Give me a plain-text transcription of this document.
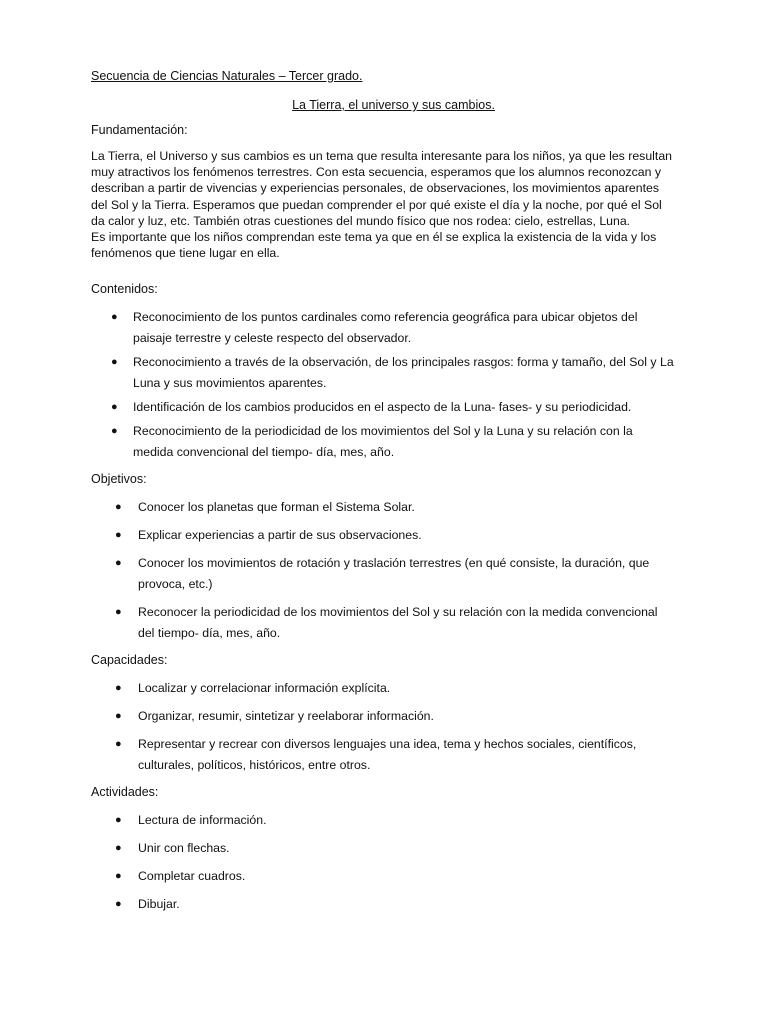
Secuencia de Ciencias Naturales – Tercer grado.
La Tierra, el universo y sus cambios.
Fundamentación:
La Tierra, el Universo y sus cambios es un tema que resulta interesante para los niños, ya que les resultan
muy atractivos los fenómenos terrestres. Con esta secuencia, esperamos que los alumnos reconozcan y
describan a partir de vivencias y experiencias personales, de observaciones, los movimientos aparentes
del Sol y la Tierra. Esperamos que puedan comprender el por qué existe el día y la noche, por qué el Sol
da calor y luz, etc. También otras cuestiones del mundo físico que nos rodea: cielo, estrellas, Luna.
Es importante que los niños comprendan este tema ya que en él se explica la existencia de la vida y los
fenómenos que tiene lugar en ella.
Contenidos:
● Reconocimiento de los puntos cardinales como referencia geográfica para ubicar objetos del
paisaje terrestre y celeste respecto del observador.
● Reconocimiento a través de la observación, de los principales rasgos: forma y tamaño, del Sol y La
Luna y sus movimientos aparentes.
● Identificación de los cambios producidos en el aspecto de la Luna- fases- y su periodicidad.
● Reconocimiento de la periodicidad de los movimientos del Sol y la Luna y su relación con la
medida convencional del tiempo- día, mes, año.
Objetivos:
● Conocer los planetas que forman el Sistema Solar.
● Explicar experiencias a partir de sus observaciones.
● Conocer los movimientos de rotación y traslación terrestres (en qué consiste, la duración, que
provoca, etc.)
● Reconocer la periodicidad de los movimientos del Sol y su relación con la medida convencional
del tiempo- día, mes, año.
Capacidades:
● Localizar y correlacionar información explícita.
● Organizar, resumir, sintetizar y reelaborar información.
● Representar y recrear con diversos lenguajes una idea, tema y hechos sociales, científicos,
culturales, políticos, históricos, entre otros.
Actividades:
● Lectura de información.
● Unir con flechas.
● Completar cuadros.
● Dibujar.
